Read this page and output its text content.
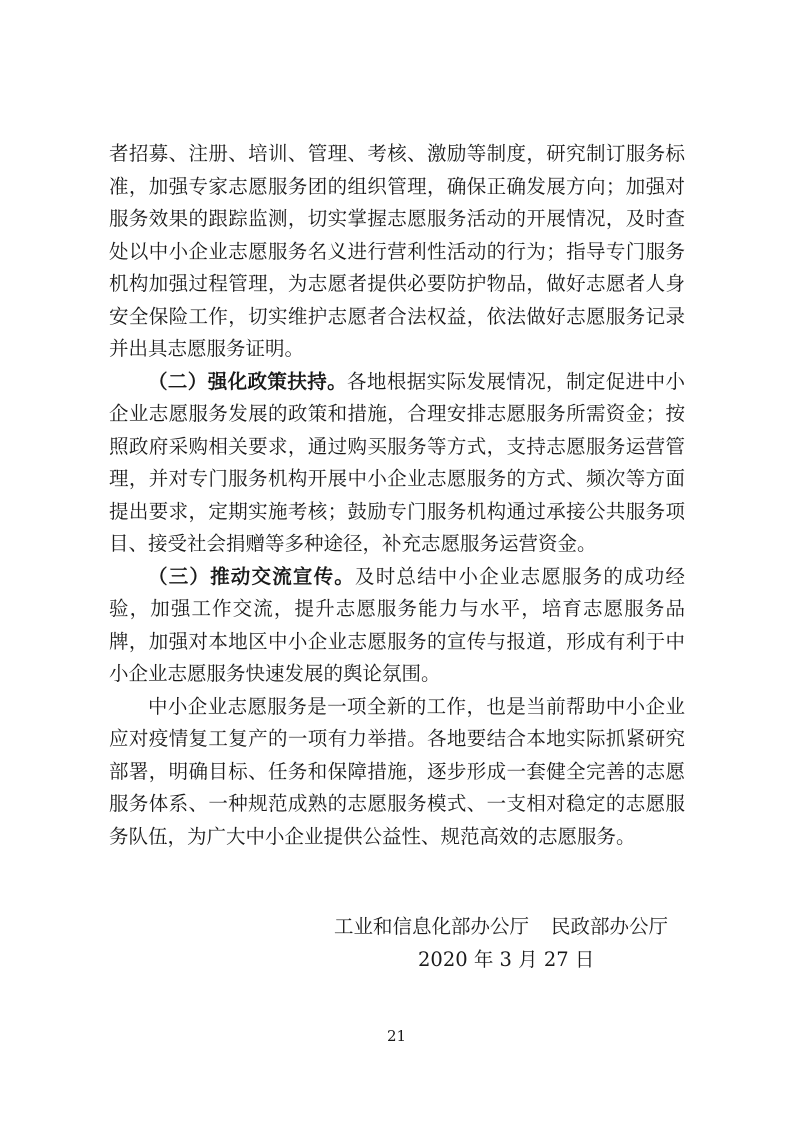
者招募、注册、培训、管理、考核、激励等制度，研究制订服务标准，加强专家志愿服务团的组织管理，确保正确发展方向；加强对服务效果的跟踪监测，切实掌握志愿服务活动的开展情况，及时查处以中小企业志愿服务名义进行营利性活动的行为；指导专门服务机构加强过程管理，为志愿者提供必要防护物品，做好志愿者人身安全保险工作，切实维护志愿者合法权益，依法做好志愿服务记录并出具志愿服务证明。

（二）强化政策扶持。各地根据实际发展情况，制定促进中小企业志愿服务发展的政策和措施，合理安排志愿服务所需资金；按照政府采购相关要求，通过购买服务等方式，支持志愿服务运营管理，并对专门服务机构开展中小企业志愿服务的方式、频次等方面提出要求，定期实施考核；鼓励专门服务机构通过承接公共服务项目、接受社会捐赠等多种途径，补充志愿服务运营资金。

（三）推动交流宣传。及时总结中小企业志愿服务的成功经验，加强工作交流，提升志愿服务能力与水平，培育志愿服务品牌，加强对本地区中小企业志愿服务的宣传与报道，形成有利于中小企业志愿服务快速发展的舆论氛围。

中小企业志愿服务是一项全新的工作，也是当前帮助中小企业应对疫情复工复产的一项有力举措。各地要结合本地实际抓紧研究部署，明确目标、任务和保障措施，逐步形成一套健全完善的志愿服务体系、一种规范成熟的志愿服务模式、一支相对稳定的志愿服务队伍，为广大中小企业提供公益性、规范高效的志愿服务。

工业和信息化部办公厅 民政部办公厅
2020 年 3 月 27 日
21
